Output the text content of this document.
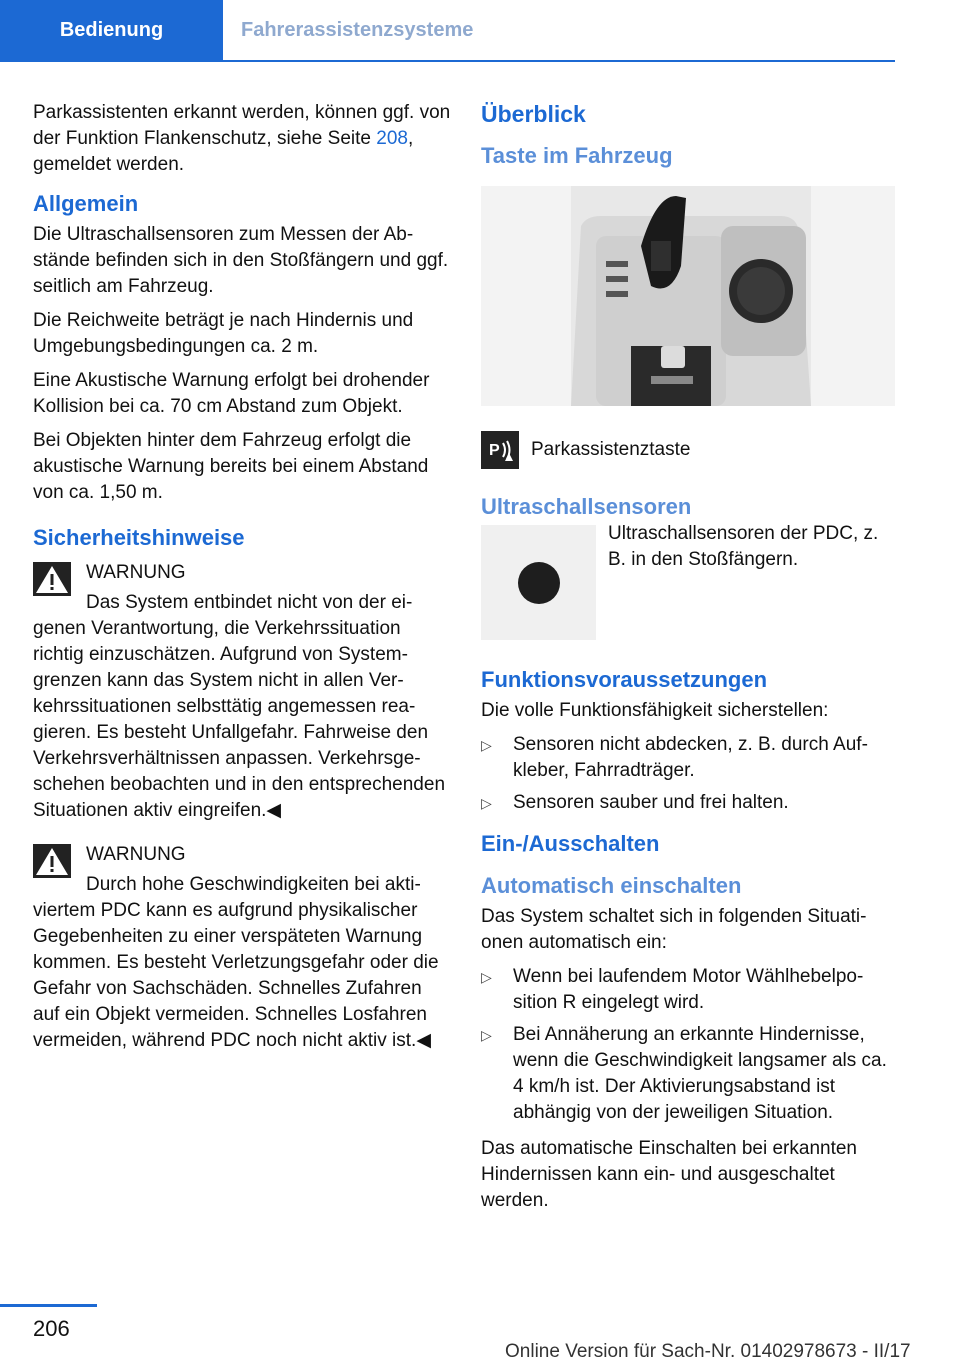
Bedienung	Fahrerassistenzsysteme

Parkassistenten erkannt werden, können ggf. von der Funktion Flankenschutz, siehe Seite 208, gemeldet werden.

Allgemein

Die Ultraschallsensoren zum Messen der Abstände befinden sich in den Stoßfängern und ggf. seitlich am Fahrzeug.

Die Reichweite beträgt je nach Hindernis und Umgebungsbedingungen ca. 2 m.

Eine Akustische Warnung erfolgt bei drohender Kollision bei ca. 70 cm Abstand zum Objekt.

Bei Objekten hinter dem Fahrzeug erfolgt die akustische Warnung bereits bei einem Abstand von ca. 1,50 m.

Sicherheitshinweise
WARNUNG
Das System entbindet nicht von der eigenen Verantwortung, die Verkehrssituation richtig einzuschätzen. Aufgrund von Systemgrenzen kann das System nicht in allen Verkehrssituationen selbsttätig angemessen reagieren. Es besteht Unfallgefahr. Fahrweise den Verkehrsverhältnissen anpassen. Verkehrsgeschehen beobachten und in den entsprechenden Situationen aktiv eingreifen.◀
WARNUNG
Durch hohe Geschwindigkeiten bei aktiviertem PDC kann es aufgrund physikalischer Gegebenheiten zu einer verspäteten Warnung kommen. Es besteht Verletzungsgefahr oder die Gefahr von Sachschäden. Schnelles Zufahren auf ein Objekt vermeiden. Schnelles Losfahren vermeiden, während PDC noch nicht aktiv ist.◀
Überblick
Taste im Fahrzeug
P Parkassistenztaste

Ultraschallsensoren

Ultraschallsensoren der PDC, z. B. in den Stoßfängern.

Funktionsvoraussetzungen

Die volle Funktionsfähigkeit sicherstellen:

▷ Sensoren nicht abdecken, z. B. durch Aufkleber, Fahrradträger.
▷ Sensoren sauber und frei halten.
Ein-/Ausschalten
Automatisch einschalten

Das System schaltet sich in folgenden Situationen automatisch ein:

▷ Wenn bei laufendem Motor Wählhebelposition R eingelegt wird.
▷ Bei Annäherung an erkannte Hindernisse, wenn die Geschwindigkeit langsamer als ca. 4 km/h ist. Der Aktivierungsabstand ist abhängig von der jeweiligen Situation.

Das automatische Einschalten bei erkannten Hindernissen kann ein- und ausgeschaltet werden.

206
Online Version für Sach-Nr. 01402978673 - II/17
